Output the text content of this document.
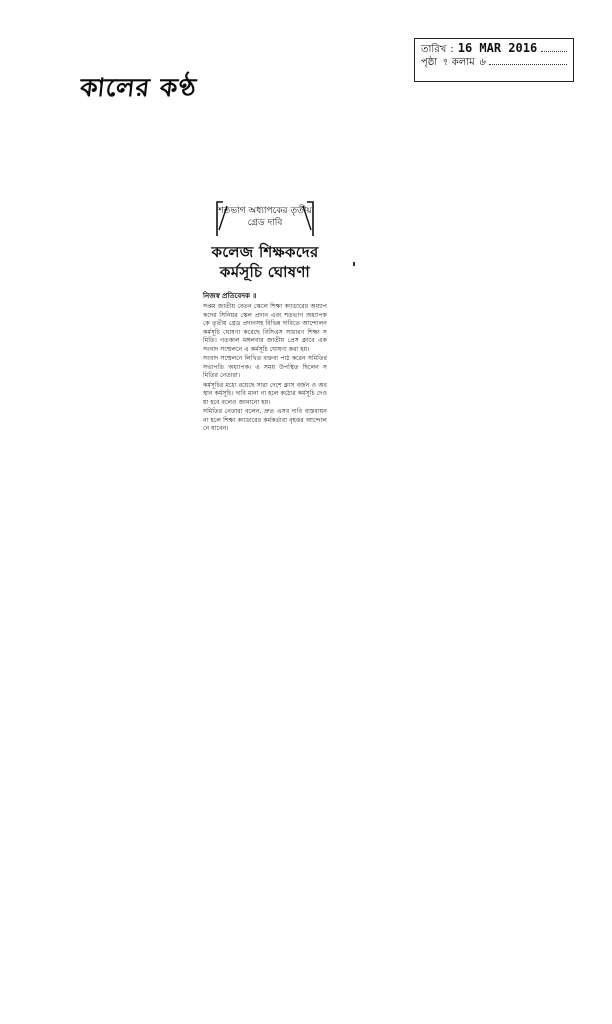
কালের কণ্ঠ
তারিখ : 16 MAR 2016
পৃষ্ঠা ৭ কলাম ৬
শতভাগ অধ্যাপকের তৃতীয় গ্রেড দাবি
কলেজ শিক্ষকদের কর্মসূচি ঘোষণা
নিজস্ব প্রতিবেদক ॥

সপ্তম জাতীয় বেতন স্কেলে শিক্ষা ক্যাডারের অধ্যাপকদের সিনিয়র স্কেল প্রদান এবং শতভাগ অধ্যাপককে তৃতীয় গ্রেড প্রদানসহ বিভিন্ন দাবিতে আন্দোলন কর্মসূচি ঘোষণা করেছে বিসিএস সাধারণ শিক্ষা সমিতি। গতকাল মঙ্গলবার জাতীয় প্রেস ক্লাবে এক সংবাদ সম্মেলনে এ কর্মসূচি ঘোষণা করা হয়।

সংবাদ সম্মেলনে লিখিত বক্তব্য পাঠ করেন সমিতির সভাপতি অধ্যাপক। এ সময় উপস্থিত ছিলেন সমিতির নেতারা।

কর্মসূচির মধ্যে রয়েছে সারা দেশে ক্লাস বর্জন ও অবস্থান কর্মসূচি। দাবি মানা না হলে কঠোর কর্মসূচি দেওয়া হবে বলেও জানানো হয়।

সমিতির নেতারা বলেন, দ্রুত এসব দাবি বাস্তবায়ন না হলে শিক্ষা ক্যাডারের কর্মকর্তারা বৃহত্তর আন্দোলনে যাবেন।
